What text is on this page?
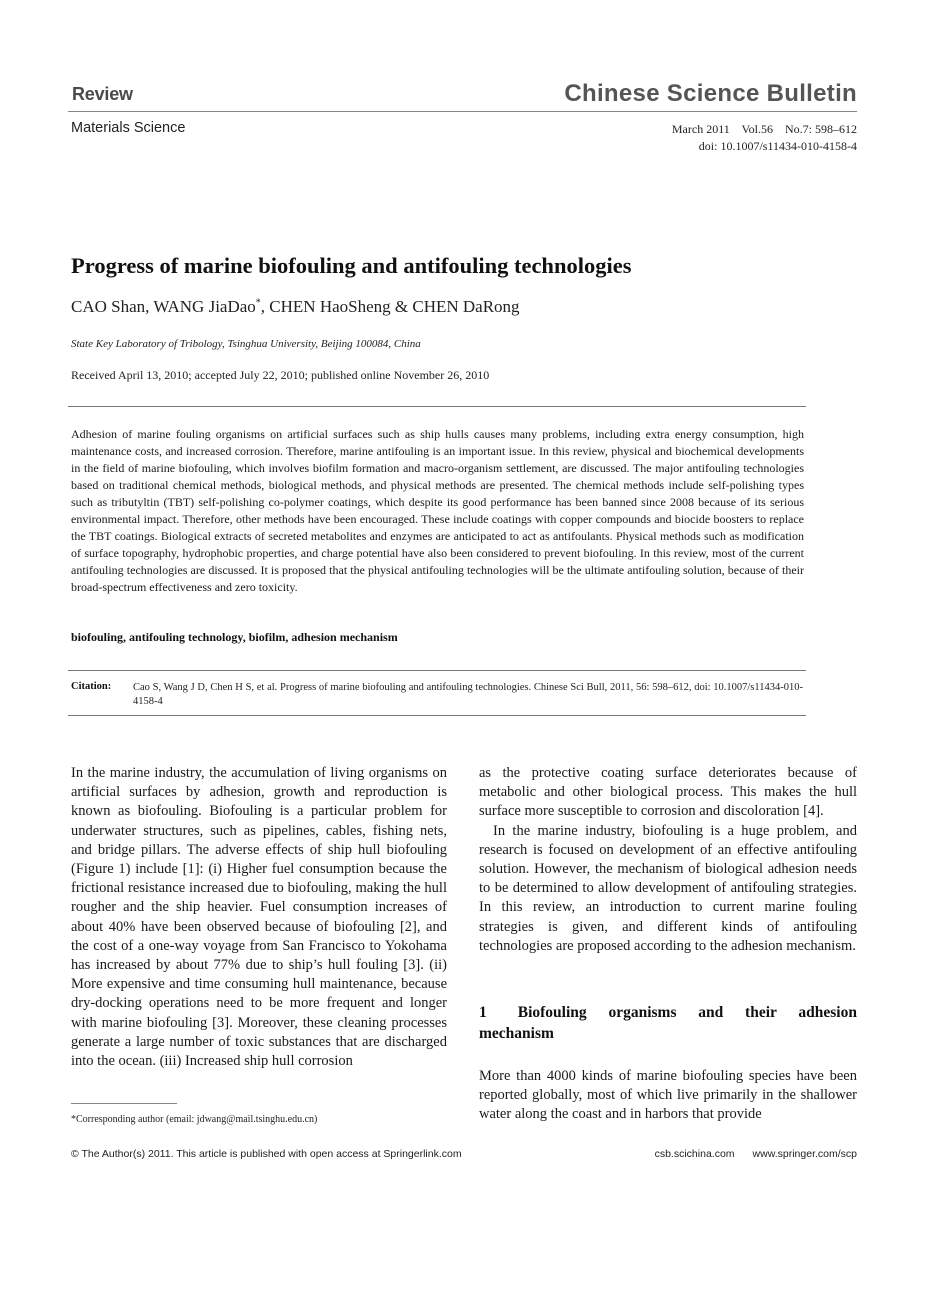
Review	Chinese Science Bulletin
Materials Science	March 2011    Vol.56    No.7: 598–612
doi: 10.1007/s11434-010-4158-4
Progress of marine biofouling and antifouling technologies
CAO Shan, WANG JiaDao*, CHEN HaoSheng & CHEN DaRong
State Key Laboratory of Tribology, Tsinghua University, Beijing 100084, China
Received April 13, 2010; accepted July 22, 2010; published online November 26, 2010
Adhesion of marine fouling organisms on artificial surfaces such as ship hulls causes many problems, including extra energy consumption, high maintenance costs, and increased corrosion. Therefore, marine antifouling is an important issue. In this review, physical and biochemical developments in the field of marine biofouling, which involves biofilm formation and macro-organism settlement, are discussed. The major antifouling technologies based on traditional chemical methods, biological methods, and physical methods are presented. The chemical methods include self-polishing types such as tributyltin (TBT) self-polishing co-polymer coatings, which despite its good performance has been banned since 2008 because of its serious environmental impact. Therefore, other methods have been encouraged. These include coatings with copper compounds and biocide boosters to replace the TBT coatings. Biological extracts of secreted metabolites and enzymes are anticipated to act as antifoulants. Physical methods such as modification of surface topography, hydrophobic properties, and charge potential have also been considered to prevent biofouling. In this review, most of the current antifouling technologies are discussed. It is proposed that the physical antifouling technologies will be the ultimate antifouling solution, because of their broad-spectrum effectiveness and zero toxicity.
biofouling, antifouling technology, biofilm, adhesion mechanism
Citation: Cao S, Wang J D, Chen H S, et al. Progress of marine biofouling and antifouling technologies. Chinese Sci Bull, 2011, 56: 598–612, doi: 10.1007/s11434-010-4158-4

In the marine industry, the accumulation of living organisms on artificial surfaces by adhesion, growth and reproduction is known as biofouling. Biofouling is a particular problem for underwater structures, such as pipelines, cables, fishing nets, and bridge pillars. The adverse effects of ship hull biofouling (Figure 1) include [1]: (i) Higher fuel consumption because the frictional resistance increased due to biofouling, making the hull rougher and the ship heavier. Fuel consumption increases of about 40% have been observed because of biofouling [2], and the cost of a one-way voyage from San Francisco to Yokohama has increased by about 77% due to ship’s hull fouling [3]. (ii) More expensive and time consuming hull maintenance, because dry-docking operations need to be more frequent and longer with marine biofouling [3]. Moreover, these cleaning processes generate a large number of toxic substances that are discharged into the ocean. (iii) Increased ship hull corrosion

as the protective coating surface deteriorates because of metabolic and other biological process. This makes the hull surface more susceptible to corrosion and discoloration [4].

In the marine industry, biofouling is a huge problem, and research is focused on development of an effective antifouling solution. However, the mechanism of biological adhesion needs to be determined to allow development of antifouling strategies. In this review, an introduction to current marine fouling strategies is given, and different kinds of antifouling technologies are proposed according to the adhesion mechanism.

1  Biofouling organisms and their adhesion mechanism

More than 4000 kinds of marine biofouling species have been reported globally, most of which live primarily in the shallower water along the coast and in harbors that provide

*Corresponding author (email: jdwang@mail.tsinghu.edu.cn)
© The Author(s) 2011. This article is published with open access at Springerlink.com	csb.scichina.com www.springer.com/scp
